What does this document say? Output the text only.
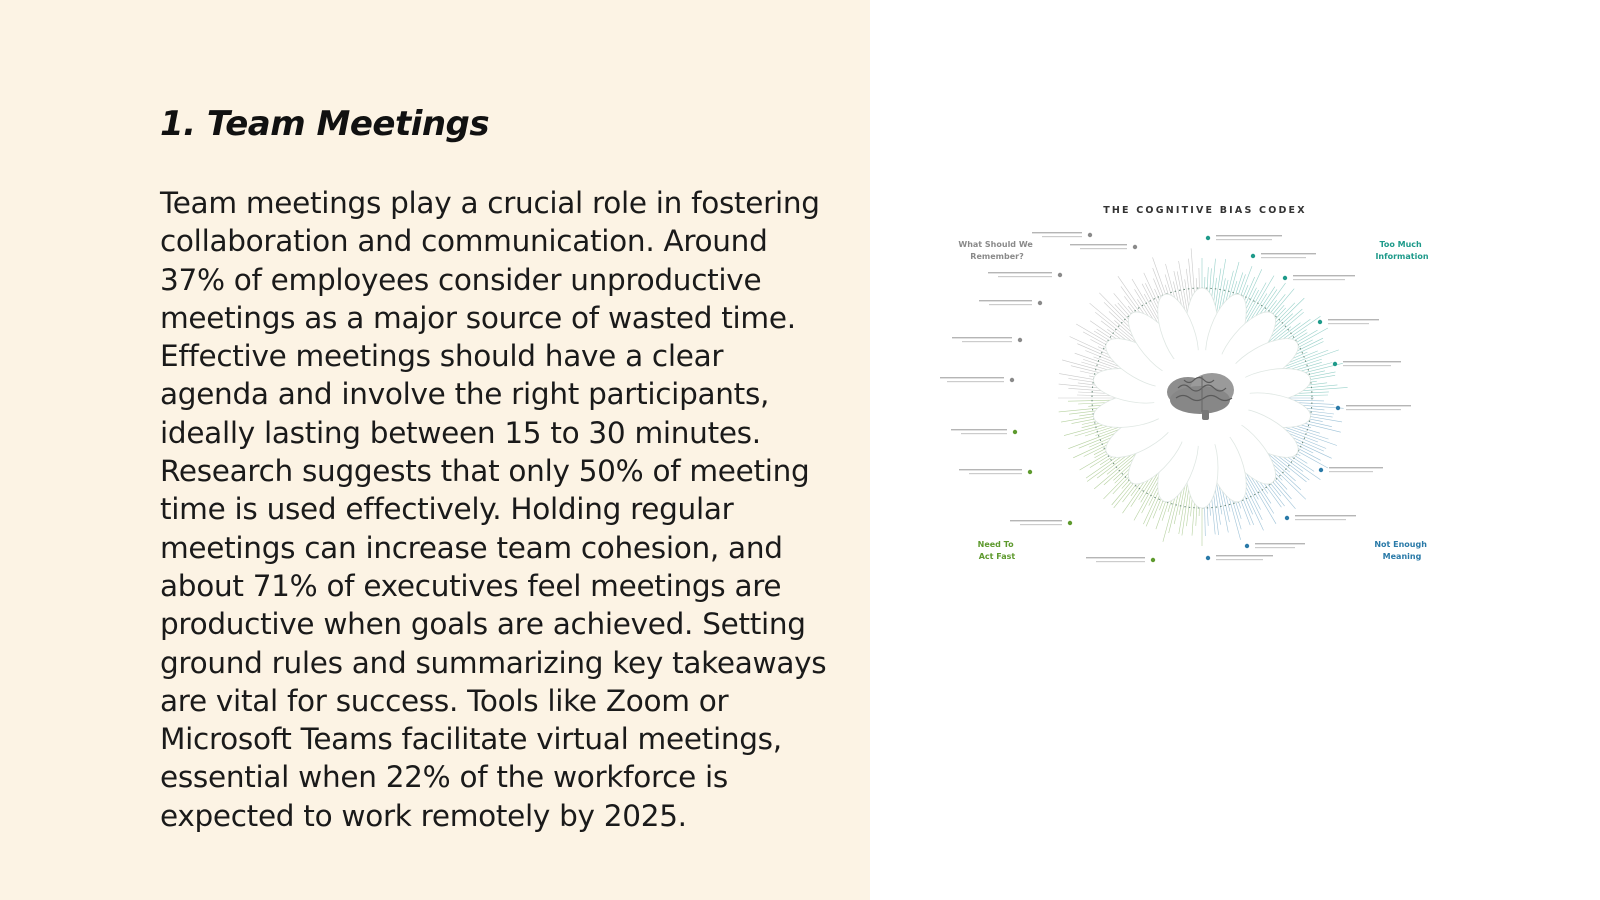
1. Team Meetings

Team meetings play a crucial role in fostering collaboration and communication. Around 37% of employees consider unproductive meetings as a major source of wasted time. Effective meetings should have a clear agenda and involve the right participants, ideally lasting between 15 to 30 minutes. Research suggests that only 50% of meeting time is used effectively. Holding regular meetings can increase team cohesion, and about 71% of executives feel meetings are productive when goals are achieved. Setting ground rules and summarizing key takeaways are vital for success. Tools like Zoom or Microsoft Teams facilitate virtual meetings, essential when 22% of the workforce is expected to work remotely by 2025.

THE COGNITIVE BIAS CODEX
What Should We Remember?
Too Much Information
Need To Act Fast
Not Enough Meaning
